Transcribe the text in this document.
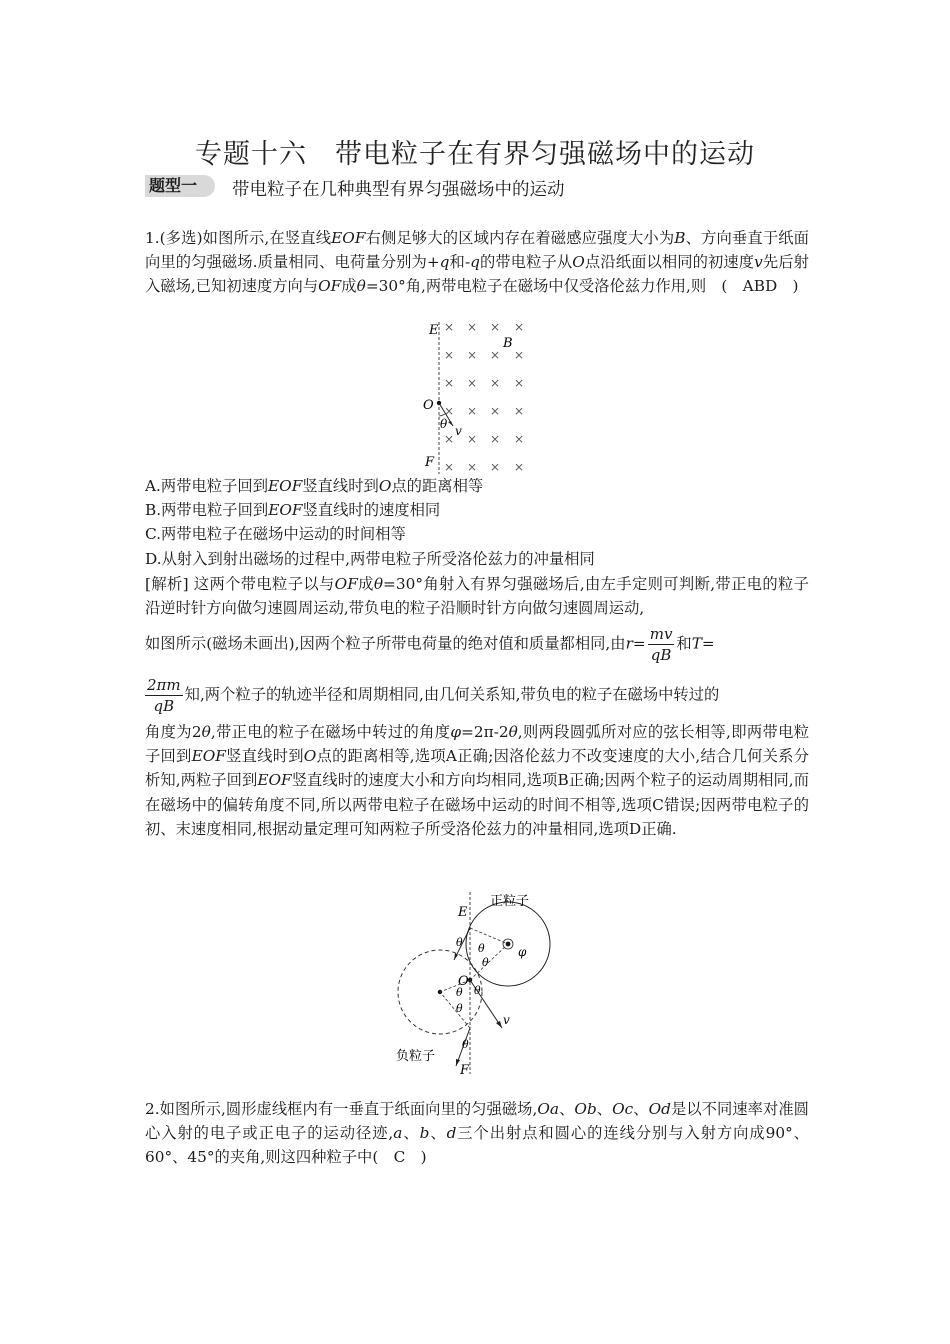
专题十六　带电粒子在有界匀强磁场中的运动
题型一	带电粒子在几种典型有界匀强磁场中的运动
1.(多选)如图所示,在竖直线EOF右侧足够大的区域内存在着磁感应强度大小为B、方向垂直于纸面向里的匀强磁场.质量相同、电荷量分别为+q和-q的带电粒子从O点沿纸面以相同的初速度v先后射入磁场,已知初速度方向与OF成θ=30°角,两带电粒子在磁场中仅受洛伦兹力作用,则　(　ABD　)
× × × ×
× × × ×
× × × ×
× × × ×
× × × ×
× × × ×
E
O
F
B
v
θ
A.两带电粒子回到EOF竖直线时到O点的距离相等
B.两带电粒子回到EOF竖直线时的速度相同
C.两带电粒子在磁场中运动的时间相等
D.从射入到射出磁场的过程中,两带电粒子所受洛伦兹力的冲量相同
[解析] 这两个带电粒子以与OF成θ=30°角射入有界匀强磁场后,由左手定则可判断,带正电的粒子沿逆时针方向做匀速圆周运动,带负电的粒子沿顺时针方向做匀速圆周运动,
如图所示(磁场未画出),因两个粒子所带电荷量的绝对值和质量都相同,由$r= \frac{mv}{qB}$ 和T=
$\frac{2\pi m}{qB}$ 知,两个粒子的轨迹半径和周期相同,由几何关系知,带负电的粒子在磁场中转过的
角度为2θ,带正电的粒子在磁场中转过的角度φ=2π-2θ,则两段圆弧所对应的弦长相等,即两带电粒子回到EOF竖直线时到O点的距离相等,选项A正确;因洛伦兹力不改变速度的大小,结合几何关系分析知,两粒子回到EOF竖直线时的速度大小和方向均相同,选项B正确;因两个粒子的运动周期相同,而在磁场中的偏转角度不同,所以两带电粒子在磁场中运动的时间不相等,选项C错误;因两带电粒子的初、末速度相同,根据动量定理可知两粒子所受洛伦兹力的冲量相同,选项D正确.
E
O
F
v
φ
正粒子
负粒子
θ θ
θ
θ
θ
θ
θ
2.如图所示,圆形虚线框内有一垂直于纸面向里的匀强磁场,Oa、Ob、Oc、Od是以不同速率对准圆心入射的电子或正电子的运动径迹,a、b、d三个出射点和圆心的连线分别与入射方向成90°、60°、45°的夹角,则这四种粒子中(　C　)
